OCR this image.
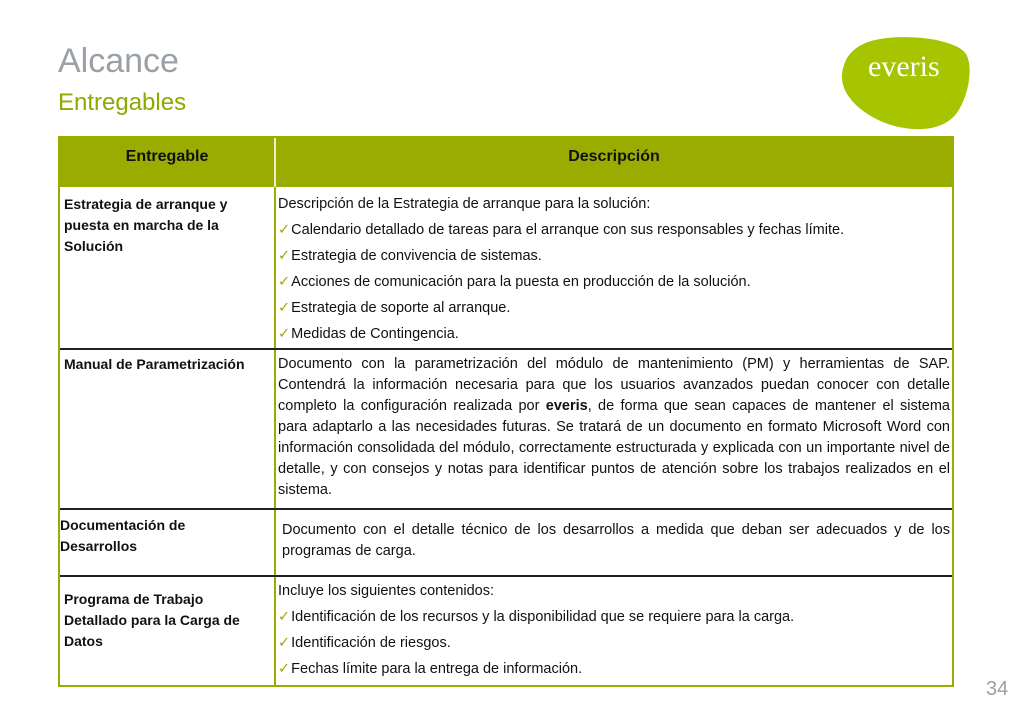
Alcance
Entregables
everis
Entregable	Descripción
Estrategia de arranque y puesta en marcha de la Solución

Descripción de la Estrategia de arranque para la solución:

✓Calendario detallado de tareas para el arranque con sus responsables y fechas límite.
✓Estrategia de convivencia de sistemas.
✓Acciones de comunicación para la puesta en producción de la solución.
✓Estrategia de soporte al arranque.
✓Medidas de Contingencia.
Manual de Parametrización	Documento con la parametrización del módulo de mantenimiento (PM) y herramientas de SAP. Contendrá la información necesaria para que los usuarios avanzados puedan conocer con detalle completo la configuración realizada por everis, de forma que sean capaces de mantener el sistema para adaptarlo a las necesidades futuras. Se tratará de un documento en formato Microsoft Word con información consolidada del módulo, correctamente estructurada y explicada con un importante nivel de detalle, y con consejos y notas para identificar puntos de atención sobre los trabajos realizados en el sistema.
Documentación de Desarrollos
Documento con el detalle técnico de los desarrollos a medida que deban ser adecuados y de los programas de carga.
Programa de Trabajo Detallado para la Carga de Datos

Incluye los siguientes contenidos:

✓Identificación de los recursos y la disponibilidad que se requiere para la carga.
✓Identificación de riesgos.
✓Fechas límite para la entrega de información.
34
